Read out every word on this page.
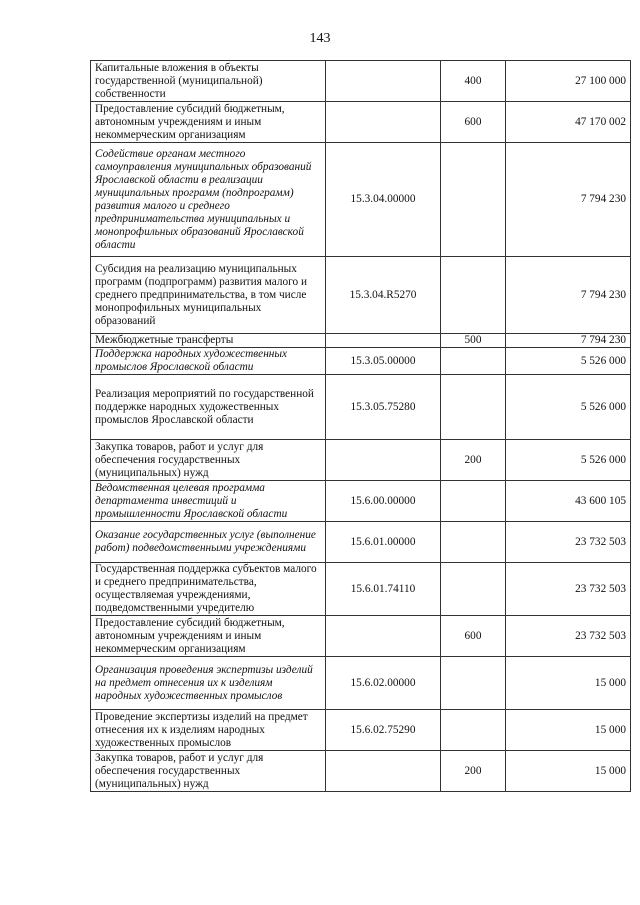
143
Капитальные вложения в объекты государственной (муниципальной) собственности		400	27 100 000
Предоставление субсидий бюджетным, автономным учреждениям и иным некоммерческим организациям		600	47 170 002
Содействие органам местного самоуправления муниципальных образований Ярославской области в реализации муниципальных программ (подпрограмм) развития малого и среднего предпринимательства муниципальных и монопрофильных образований Ярославской области	15.3.04.00000		7 794 230
Субсидия на реализацию муниципальных программ (подпрограмм) развития малого и среднего предпринимательства, в том числе монопрофильных муниципальных образований	15.3.04.R5270		7 794 230
Межбюджетные трансферты		500	7 794 230
Поддержка народных художественных промыслов Ярославской области	15.3.05.00000		5 526 000
Реализация мероприятий по государственной поддержке народных художественных промыслов Ярославской области	15.3.05.75280		5 526 000
Закупка товаров, работ и услуг для обеспечения государственных (муниципальных) нужд		200	5 526 000
Ведомственная целевая программа департамента инвестиций и промышленности Ярославской области	15.6.00.00000		43 600 105
Оказание государственных услуг (выполнение работ) подведомственными учреждениями	15.6.01.00000		23 732 503
Государственная поддержка субъектов малого и среднего предпринимательства, осуществляемая учреждениями, подведомственными учредителю	15.6.01.74110		23 732 503
Предоставление субсидий бюджетным, автономным учреждениям и иным некоммерческим организациям		600	23 732 503
Организация проведения экспертизы изделий на предмет отнесения их к изделиям народных художественных промыслов	15.6.02.00000		15 000
Проведение экспертизы изделий на предмет отнесения их к изделиям народных художественных промыслов	15.6.02.75290		15 000
Закупка товаров, работ и услуг для обеспечения государственных (муниципальных) нужд		200	15 000
